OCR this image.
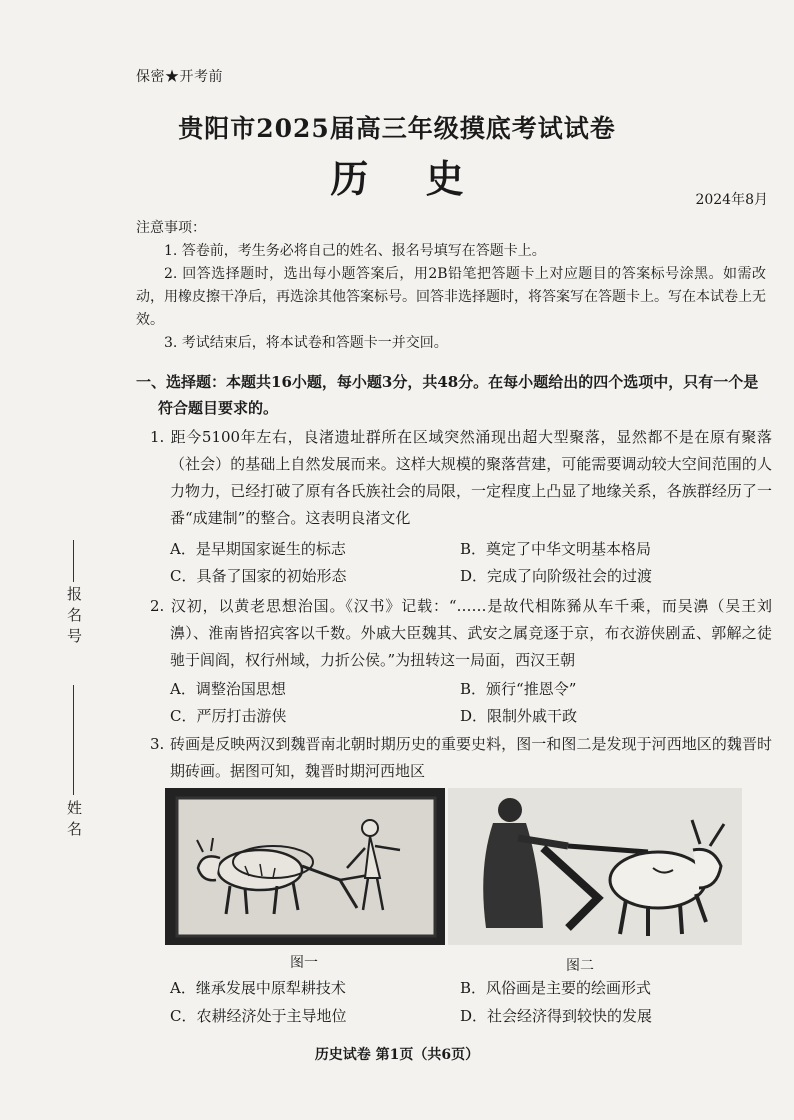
保密★开考前
贵阳市2025届高三年级摸底考试试卷
历 史	2024年8月
注意事项：
1. 答卷前，考生务必将自己的姓名、报名号填写在答题卡上。
2. 回答选择题时，选出每小题答案后，用2B铅笔把答题卡上对应题目的答案标号涂黑。如需改动，用橡皮擦干净后，再选涂其他答案标号。回答非选择题时，将答案写在答题卡上。写在本试卷上无效。
3. 考试结束后，将本试卷和答题卡一并交回。
一、选择题：本题共16小题，每小题3分，共48分。在每小题给出的四个选项中，只有一个是符合题目要求的。
1. 距今5100年左右，良渚遗址群所在区域突然涌现出超大型聚落，显然都不是在原有聚落（社会）的基础上自然发展而来。这样大规模的聚落营建，可能需要调动较大空间范围的人力物力，已经打破了原有各氏族社会的局限，一定程度上凸显了地缘关系，各族群经历了一番“成建制”的整合。这表明良渚文化
A．是早期国家诞生的标志	B．奠定了中华文明基本格局
C．具备了国家的初始形态	D．完成了向阶级社会的过渡
2. 汉初，以黄老思想治国。《汉书》记载：“……是故代相陈豨从车千乘，而吴濞（吴王刘濞）、淮南皆招宾客以千数。外戚大臣魏其、武安之属竞逐于京，布衣游侠剧孟、郭解之徒驰于闾阎，权行州域，力折公侯。”为扭转这一局面，西汉王朝
A．调整治国思想	B．颁行“推恩令”
C．严厉打击游侠	D．限制外戚干政
3. 砖画是反映两汉到魏晋南北朝时期历史的重要史料，图一和图二是发现于河西地区的魏晋时期砖画。据图可知，魏晋时期河西地区
图一	图二
A．继承发展中原犁耕技术	B．风俗画是主要的绘画形式
C．农耕经济处于主导地位	D．社会经济得到较快的发展
报名号
姓名
历史试卷 第1页（共6页）
